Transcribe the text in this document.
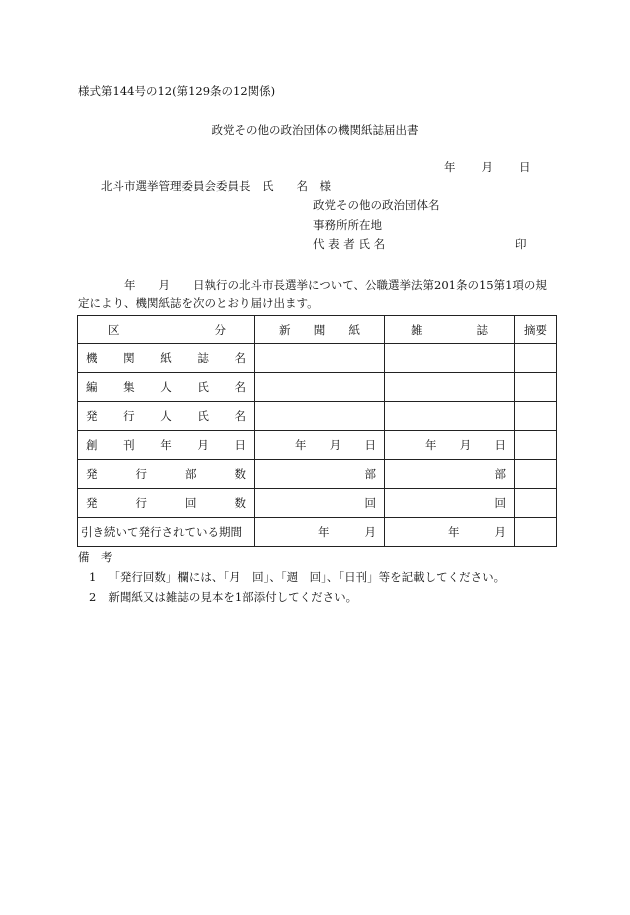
様式第144号の12(第129条の12関係)
政党その他の政治団体の機関紙誌届出書
年 月 日
北斗市選挙管理委員会委員長　氏　　名　様
政党その他の政治団体名
事務所所在地
代 表 者 氏 名	印
年　　月　　日執行の北斗市長選挙について、公職選挙法第201条の15第1項の規定により、機関紙誌を次のとおり届け出ます。
区 分	新 聞 紙	雑 誌	摘要

機 関 紙 誌 名			

編 集 人 氏 名			

発 行 人 氏 名			

創 刊 年 月 日	年 月 日	年 月 日	

発 行 部 数	部	部	

発 行 回 数	回	回	
引き続いて発行されている期間	年 月	年 月	

備　考
1 「発行回数」欄には、「月　回」、「週　回」、「日刊」等を記載してください。
2 新聞紙又は雑誌の見本を1部添付してください。
